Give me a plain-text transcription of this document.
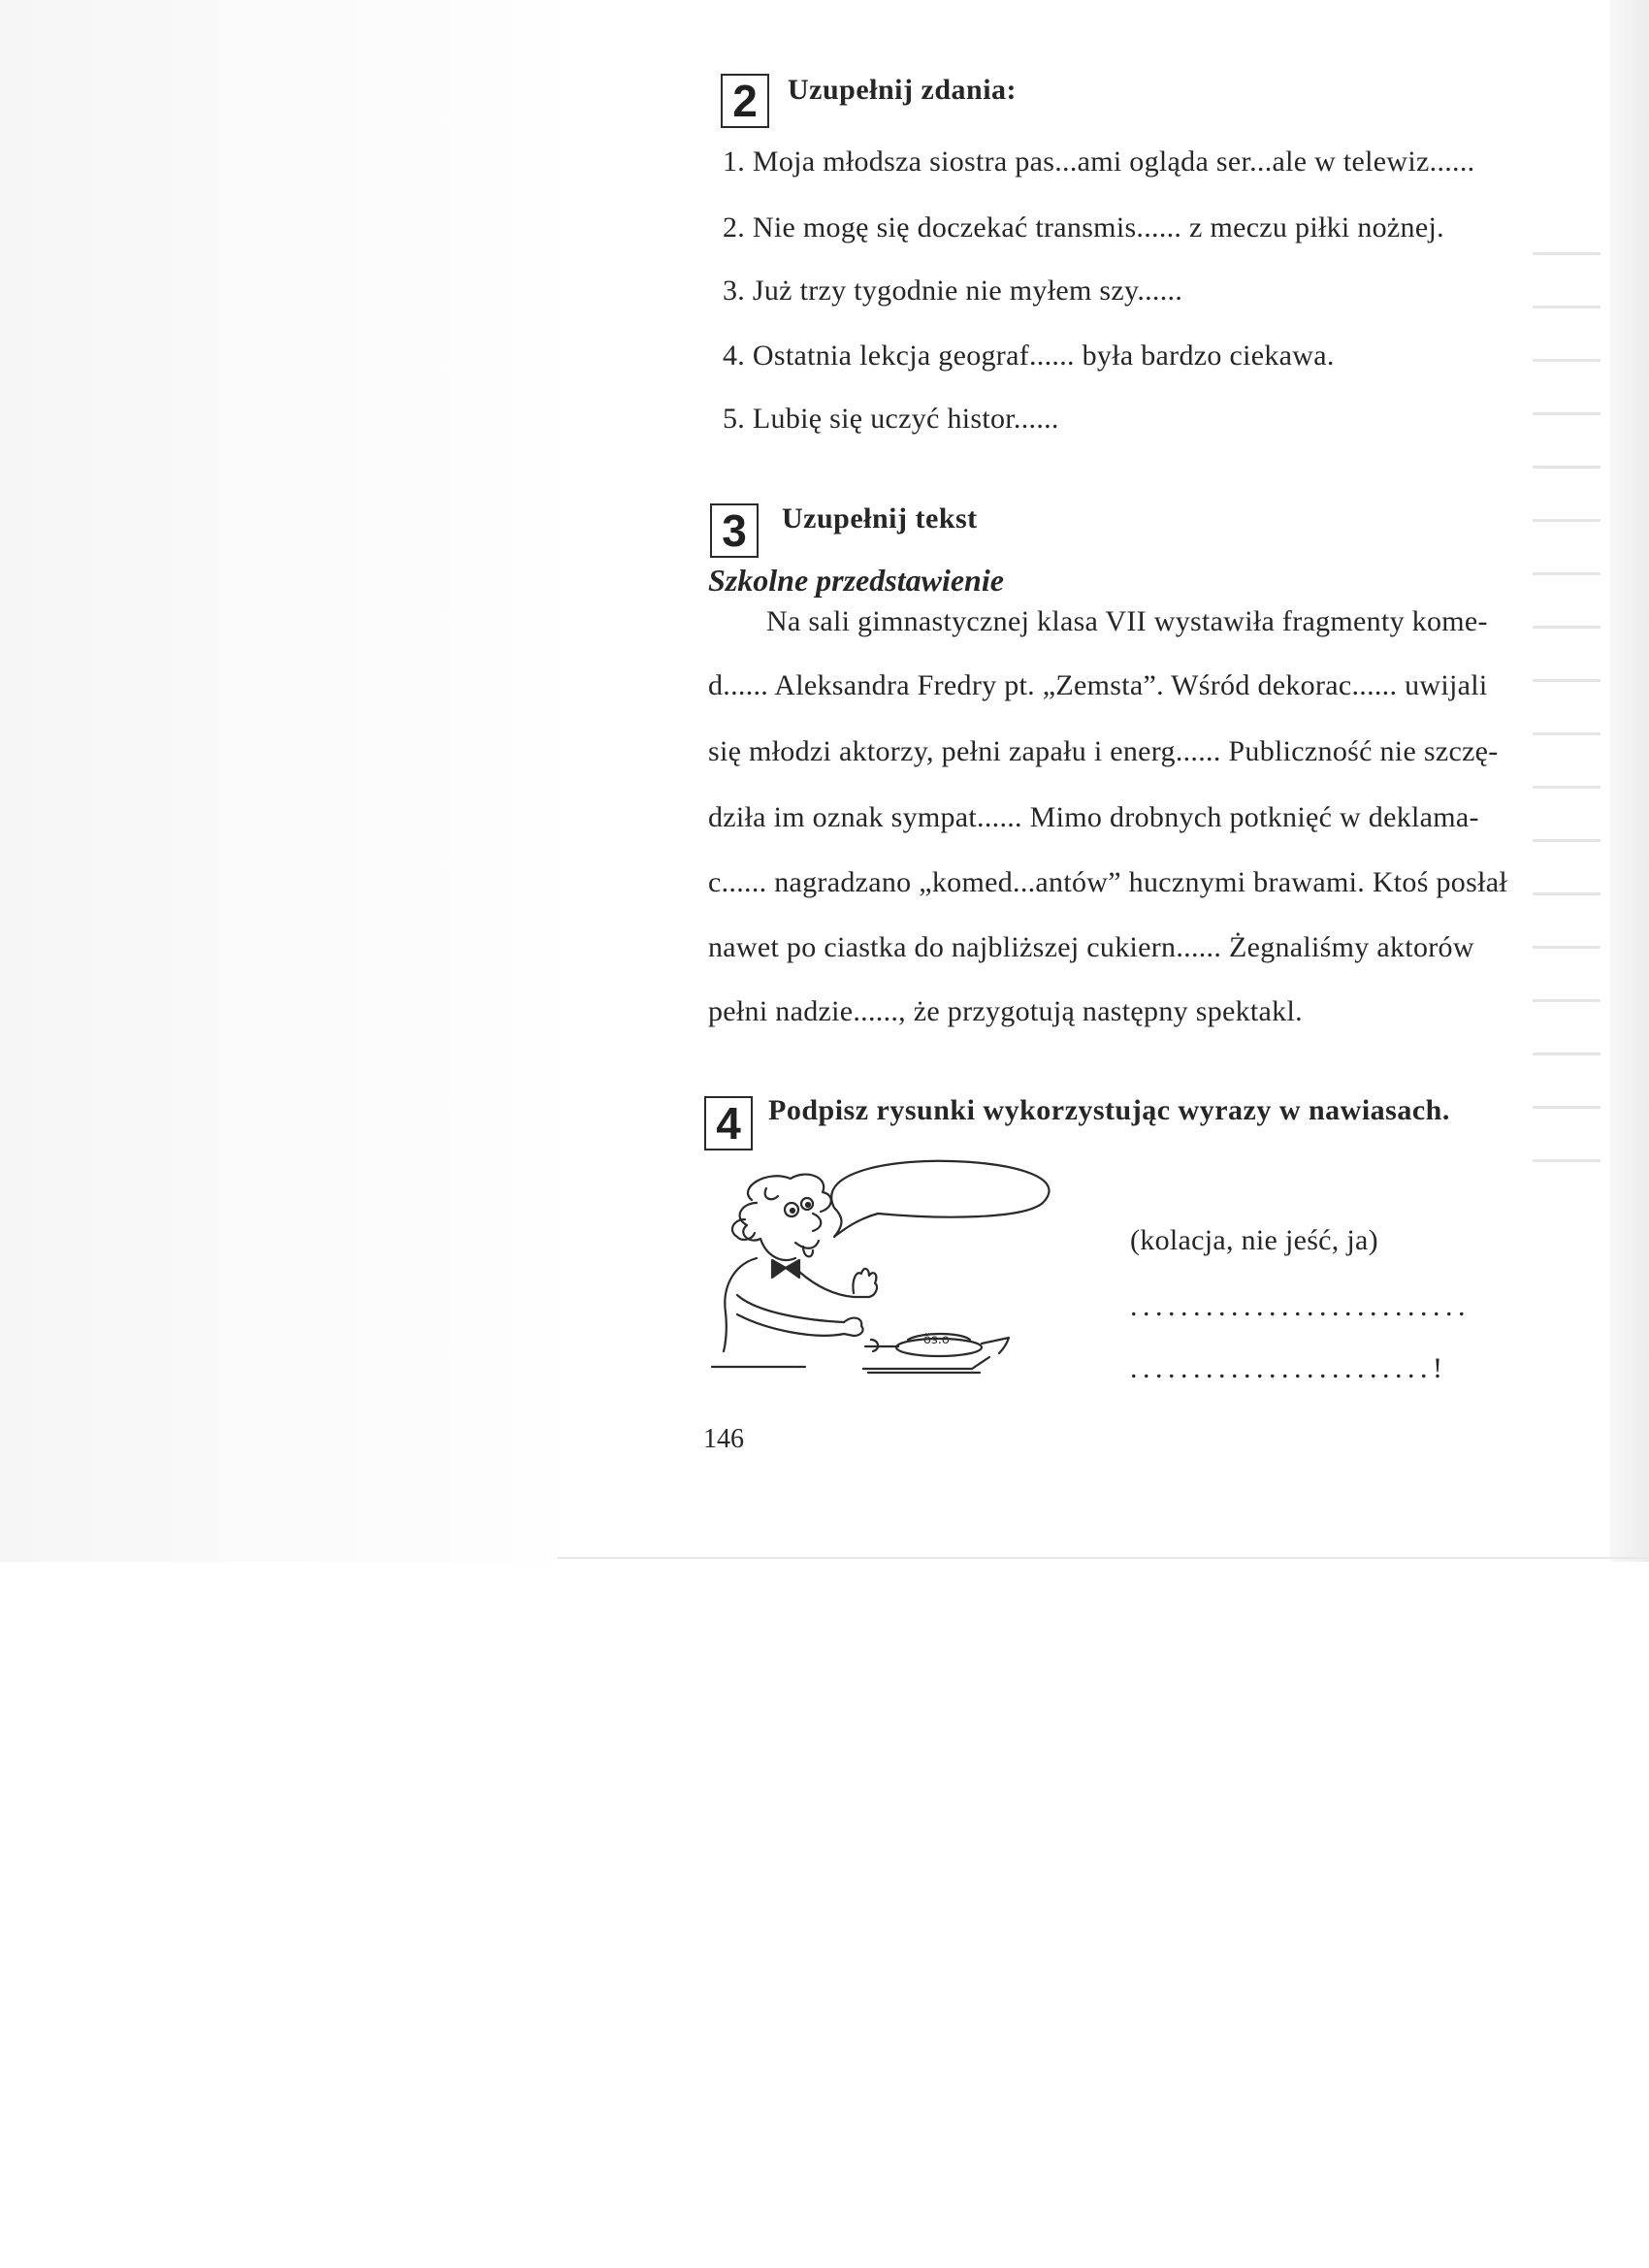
2	Uzupełnij zdania:
1. Moja młodsza siostra pas...ami ogląda ser...ale w telewiz......
2. Nie mogę się doczekać transmis...... z meczu piłki nożnej.
3. Już trzy tygodnie nie myłem szy......
4. Ostatnia lekcja geograf...... była bardzo ciekawa.
5. Lubię się uczyć histor......
3	Uzupełnij tekst
Szkolne przedstawienie
Na sali gimnastycznej klasa VII wystawiła fragmenty kome-
d...... Aleksandra Fredry pt. „Zemsta”. Wśród dekorac...... uwijali
się młodzi aktorzy, pełni zapału i energ...... Publiczność nie szczę-
dziła im oznak sympat...... Mimo drobnych potknięć w deklama-
c...... nagradzano „komed...antów” hucznymi brawami. Ktoś posłał
nawet po ciastka do najbliższej cukiern...... Żegnaliśmy aktorów
pełni nadzie......, że przygotują następny spektakl.
4 Podpisz rysunki wykorzystując wyrazy w nawiasach.
ŏs.ŏ
(kolacja, nie jeść, ja)
...........................
........................!
146
